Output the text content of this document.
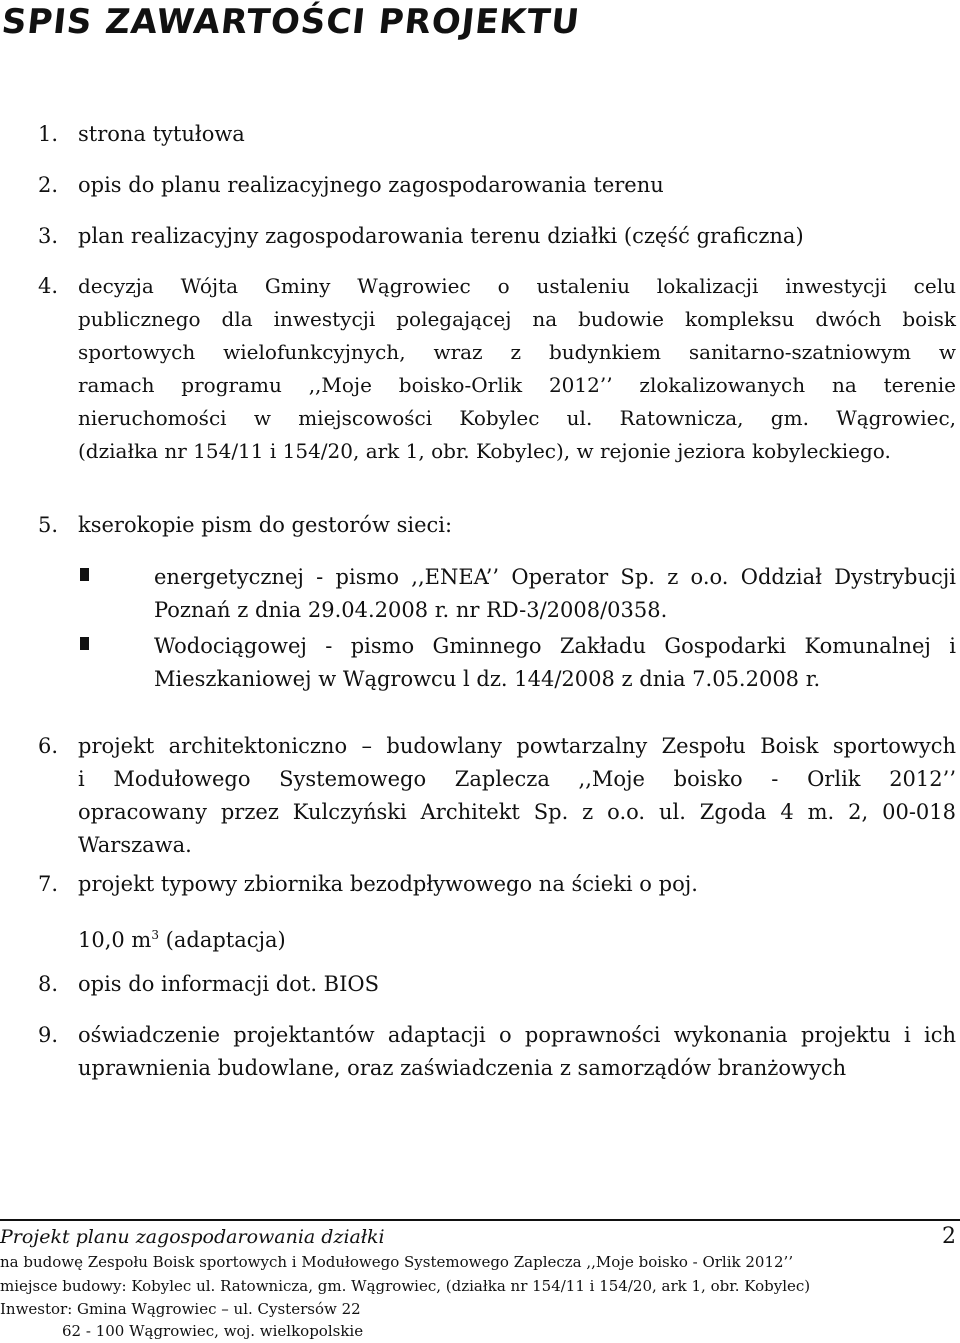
SPIS ZAWARTOŚCI PROJEKTU
1. strona tytułowa
2. opis do planu realizacyjnego zagospodarowania terenu
3. plan realizacyjny zagospodarowania terenu działki (część graficzna)
4. decyzja Wójta Gminy Wągrowiec o ustaleniu lokalizacji inwestycji celu
publicznego dla inwestycji polegającej na budowie kompleksu dwóch boisk
sportowych wielofunkcyjnych, wraz z budynkiem sanitarno-szatniowym w
ramach programu ,,Moje boisko-Orlik 2012’’ zlokalizowanych na terenie
nieruchomości w miejscowości Kobylec ul. Ratownicza, gm. Wągrowiec,
(działka nr 154/11 i 154/20, ark 1, obr. Kobylec), w rejonie jeziora kobyleckiego.
5. kserokopie pism do gestorów sieci:
energetycznej - pismo ,,ENEA’’ Operator Sp. z o.o. Oddział Dystrybucji
Poznań z dnia 29.04.2008 r. nr RD-3/2008/0358.
Wodociągowej - pismo Gminnego Zakładu Gospodarki Komunalnej i
Mieszkaniowej w Wągrowcu l dz. 144/2008 z dnia 7.05.2008 r.
6. projekt architektoniczno – budowlany powtarzalny Zespołu Boisk sportowych
i Modułowego Systemowego Zaplecza ,,Moje boisko - Orlik 2012’’
opracowany przez Kulczyński Architekt Sp. z o.o. ul. Zgoda 4 m. 2, 00-018
Warszawa.
7. projekt typowy zbiornika bezodpływowego na ścieki o poj.
10,0 $m^3$ (adaptacja)
8. opis do informacji dot. BIOS
9. oświadczenie projektantów adaptacji o poprawności wykonania projektu i ich
uprawnienia budowlane, oraz zaświadczenia z samorządów branżowych
Projekt planu zagospodarowania działki	2
na budowę Zespołu Boisk sportowych i Modułowego Systemowego Zaplecza ,,Moje boisko - Orlik 2012’’
miejsce budowy: Kobylec ul. Ratownicza, gm. Wągrowiec, (działka nr 154/11 i 154/20, ark 1, obr. Kobylec)
Inwestor: Gmina Wągrowiec – ul. Cystersów 22
62 - 100 Wągrowiec, woj. wielkopolskie
